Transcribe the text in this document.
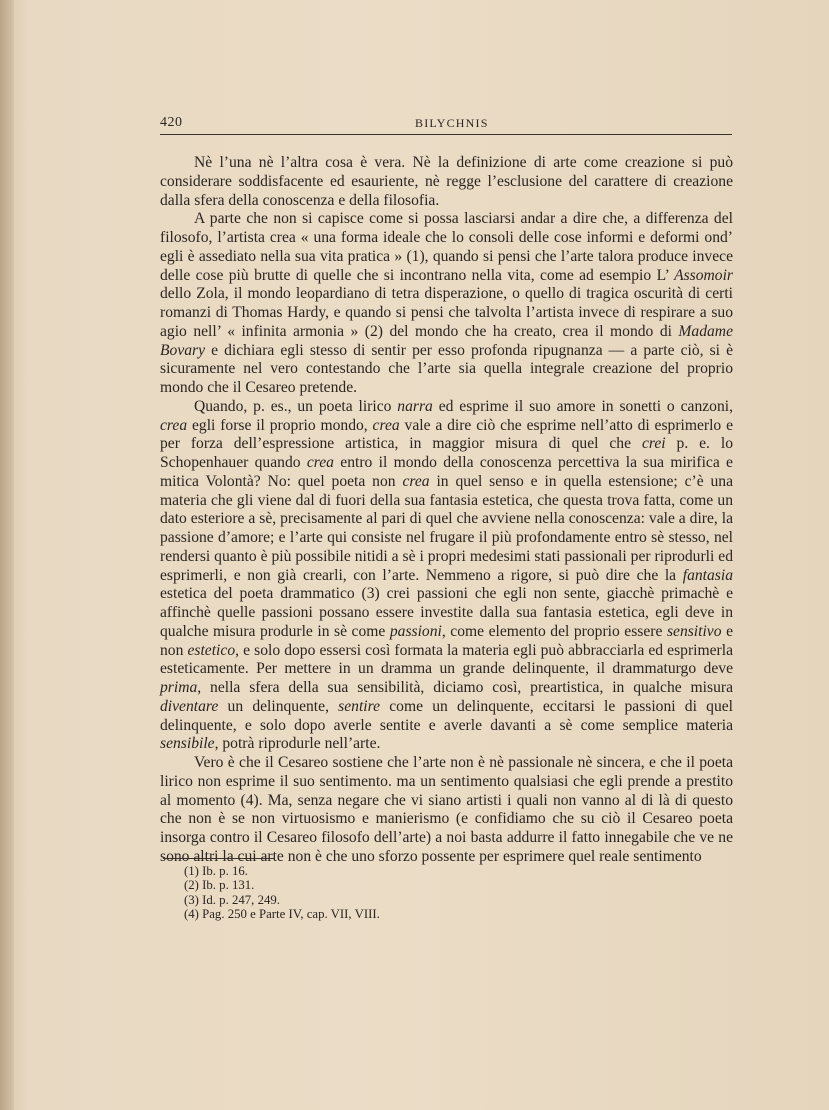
420	BILYCHNIS

Nè l’una nè l’altra cosa è vera. Nè la definizione di arte come creazione si può considerare soddisfacente ed esauriente, nè regge l’esclusione del carattere di creazione dalla sfera della conoscenza e della filosofia.

A parte che non si capisce come si possa lasciarsi andar a dire che, a differenza del filosofo, l’artista crea « una forma ideale che lo consoli delle cose informi e deformi ond’ egli è assediato nella sua vita pratica » (1), quando si pensi che l’arte talora produce invece delle cose più brutte di quelle che si incontrano nella vita, come ad esempio L’ Assomoir dello Zola, il mondo leopardiano di tetra disperazione, o quello di tragica oscurità di certi romanzi di Thomas Hardy, e quando si pensi che talvolta l’artista invece di respirare a suo agio nell’ « infinita armonia » (2) del mondo che ha creato, crea il mondo di Madame Bovary e dichiara egli stesso di sentir per esso profonda ripugnanza — a parte ciò, si è sicuramente nel vero contestando che l’arte sia quella integrale creazione del proprio mondo che il Cesareo pretende.

Quando, p. es., un poeta lirico narra ed esprime il suo amore in sonetti o canzoni, crea egli forse il proprio mondo, crea vale a dire ciò che esprime nell’atto di esprimerlo e per forza dell’espressione artistica, in maggior misura di quel che crei p. e. lo Schopenhauer quando crea entro il mondo della conoscenza percettiva la sua mirifica e mitica Volontà? No: quel poeta non crea in quel senso e in quella estensione; c’è una materia che gli viene dal di fuori della sua fantasia estetica, che questa trova fatta, come un dato esteriore a sè, precisamente al pari di quel che avviene nella conoscenza: vale a dire, la passione d’amore; e l’arte qui consiste nel frugare il più profondamente entro sè stesso, nel rendersi quanto è più possibile nitidi a sè i propri medesimi stati passionali per riprodurli ed esprimerli, e non già crearli, con l’arte. Nemmeno a rigore, si può dire che la fantasia estetica del poeta drammatico (3) crei passioni che egli non sente, giacchè primachè e affinchè quelle passioni possano essere investite dalla sua fantasia estetica, egli deve in qualche misura produrle in sè come passioni, come elemento del proprio essere sensitivo e non estetico, e solo dopo essersi così formata la materia egli può abbracciarla ed esprimerla esteticamente. Per mettere in un dramma un grande delinquente, il drammaturgo deve prima, nella sfera della sua sensibilità, diciamo così, preartistica, in qualche misura diventare un delinquente, sentire come un delinquente, eccitarsi le passioni di quel delinquente, e solo dopo averle sentite e averle davanti a sè come semplice materia sensibile, potrà riprodurle nell’arte.

Vero è che il Cesareo sostiene che l’arte non è nè passionale nè sincera, e che il poeta lirico non esprime il suo sentimento. ma un sentimento qualsiasi che egli prende a prestito al momento (4). Ma, senza negare che vi siano artisti i quali non vanno al di là di questo che non è se non virtuosismo e manierismo (e confidiamo che su ciò il Cesareo poeta insorga contro il Cesareo filosofo dell’arte) a noi basta addurre il fatto innegabile che ve ne sono altri la cui arte non è che uno sforzo possente per esprimere quel reale sentimento

(1) Ib. p. 16.
(2) Ib. p. 131.
(3) Id. p. 247, 249.
(4) Pag. 250 e Parte IV, cap. VII, VIII.
